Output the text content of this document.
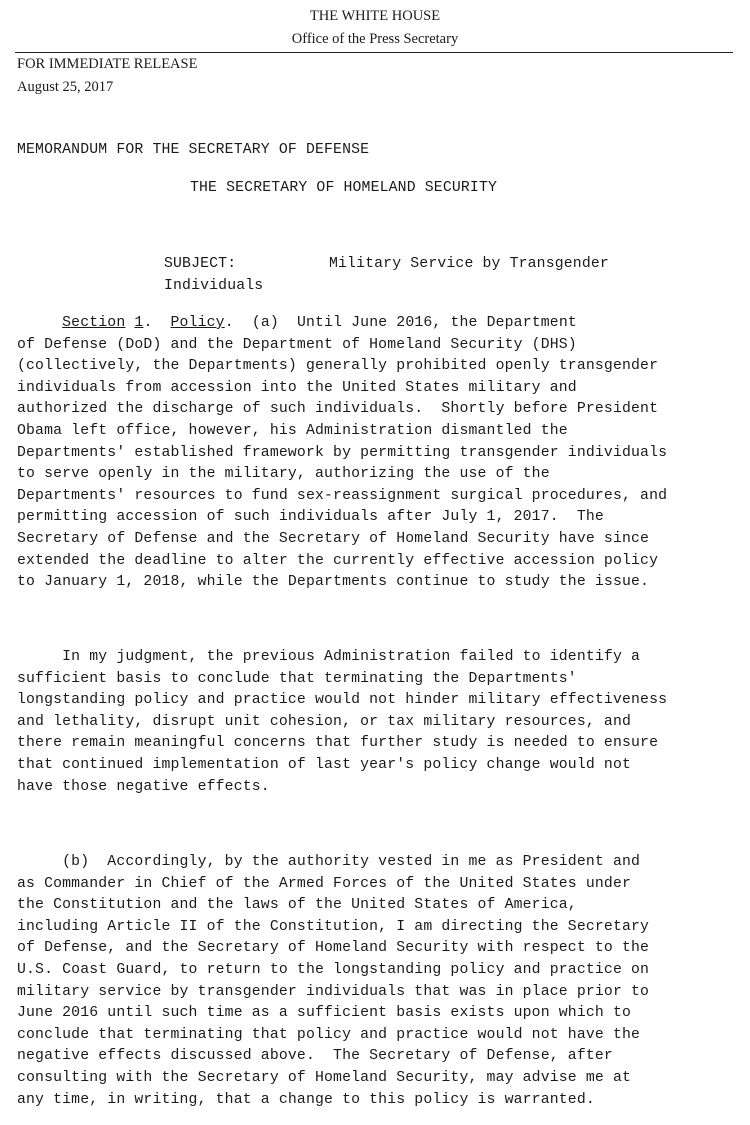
THE WHITE HOUSE
Office of the Press Secretary
FOR IMMEDIATE RELEASE
August 25, 2017
MEMORANDUM FOR THE SECRETARY OF DEFENSE
THE SECRETARY OF HOMELAND SECURITY
SUBJECT:	Military Service by Transgender
Individuals
Section 1.  Policy.  (a)  Until June 2016, the Department
of Defense (DoD) and the Department of Homeland Security (DHS)
(collectively, the Departments) generally prohibited openly transgender
individuals from accession into the United States military and
authorized the discharge of such individuals.  Shortly before President
Obama left office, however, his Administration dismantled the
Departments' established framework by permitting transgender individuals
to serve openly in the military, authorizing the use of the
Departments' resources to fund sex-reassignment surgical procedures, and
permitting accession of such individuals after July 1, 2017.  The
Secretary of Defense and the Secretary of Homeland Security have since
extended the deadline to alter the currently effective accession policy
to January 1, 2018, while the Departments continue to study the issue.
In my judgment, the previous Administration failed to identify a
sufficient basis to conclude that terminating the Departments'
longstanding policy and practice would not hinder military effectiveness
and lethality, disrupt unit cohesion, or tax military resources, and
there remain meaningful concerns that further study is needed to ensure
that continued implementation of last year's policy change would not
have those negative effects.
(b)  Accordingly, by the authority vested in me as President and
as Commander in Chief of the Armed Forces of the United States under
the Constitution and the laws of the United States of America,
including Article II of the Constitution, I am directing the Secretary
of Defense, and the Secretary of Homeland Security with respect to the
U.S. Coast Guard, to return to the longstanding policy and practice on
military service by transgender individuals that was in place prior to
June 2016 until such time as a sufficient basis exists upon which to
conclude that terminating that policy and practice would not have the
negative effects discussed above.  The Secretary of Defense, after
consulting with the Secretary of Homeland Security, may advise me at
any time, in writing, that a change to this policy is warranted.
